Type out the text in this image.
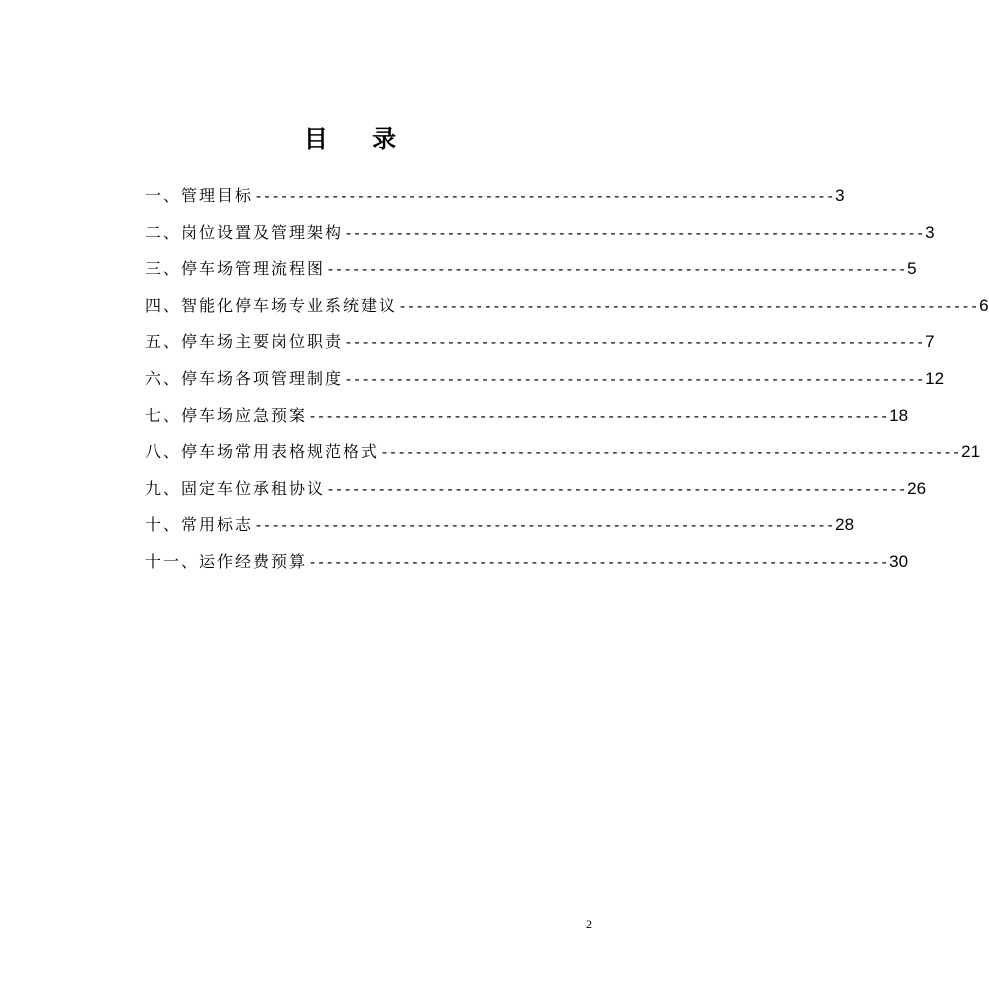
目 录
一、管理目标 -------------------------------------------------------------------- 3
二、岗位设置及管理架构 -------------------------------------------------------------------- 3
三、停车场管理流程图 -------------------------------------------------------------------- 5
四、智能化停车场专业系统建议 -------------------------------------------------------------------- 6
五、停车场主要岗位职责 -------------------------------------------------------------------- 7
六、停车场各项管理制度 -------------------------------------------------------------------- 12
七、停车场应急预案 -------------------------------------------------------------------- 18
八、停车场常用表格规范格式 -------------------------------------------------------------------- 21
九、固定车位承租协议 -------------------------------------------------------------------- 26
十、常用标志 -------------------------------------------------------------------- 28
十一、运作经费预算 -------------------------------------------------------------------- 30
2
